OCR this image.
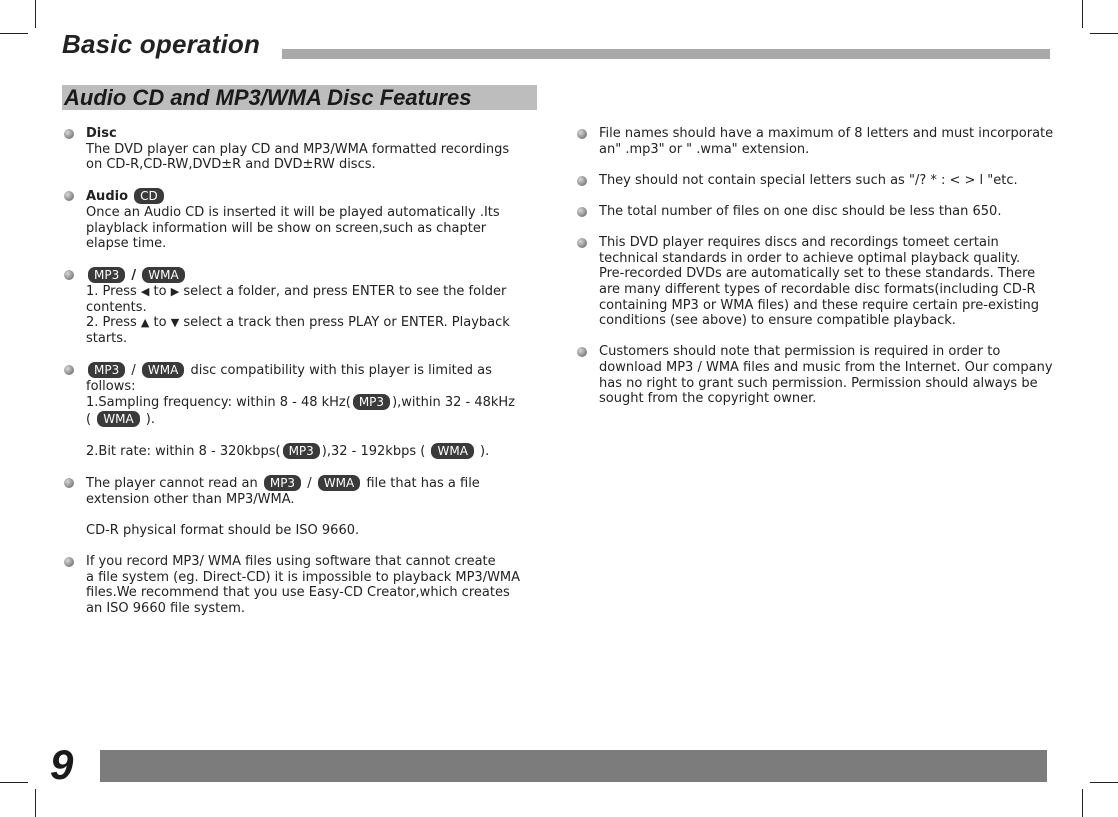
Basic operation
Audio CD and MP3/WMA Disc Features
Disc
The DVD player can play CD and MP3/WMA formatted recordings
on CD-R,CD-RW,DVD±R and DVD±RW discs.
Audio CD
Once an Audio CD is inserted it will be played automatically .Its
playblack information will be show on screen,such as chapter
elapse time.
MP3 / WMA
1. Press ◀ to ▶ select a folder, and press ENTER to see the folder
contents.
2. Press ▲ to ▼ select a track then press PLAY or ENTER. Playback
starts.
MP3 / WMA disc compatibility with this player is limited as
follows:
1.Sampling frequency: within 8 - 48 kHz( MP3 ),within 32 - 48kHz
( WMA ).

2.Bit rate: within 8 - 320kbps( MP3 ),32 - 192kbps ( WMA ).
The player cannot read an MP3 / WMA file that has a file
extension other than MP3/WMA.

CD-R physical format should be ISO 9660.
If you record MP3/ WMA files using software that cannot create
a file system (eg. Direct-CD) it is impossible to playback MP3/WMA
files.We recommend that you use Easy-CD Creator,which creates
an ISO 9660 file system.
File names should have a maximum of 8 letters and must incorporate
an" .mp3" or " .wma" extension.
They should not contain special letters such as "/? * : < > l "etc.
The total number of files on one disc should be less than 650.
This DVD player requires discs and recordings tomeet certain
technical standards in order to achieve optimal playback quality.
Pre-recorded DVDs are automatically set to these standards. There
are many different types of recordable disc formats(including CD-R
containing MP3 or WMA files) and these require certain pre-existing
conditions (see above) to ensure compatible playback.
Customers should note that permission is required in order to
download MP3 / WMA files and music from the Internet. Our company
has no right to grant such permission. Permission should always be
sought from the copyright owner.
9
